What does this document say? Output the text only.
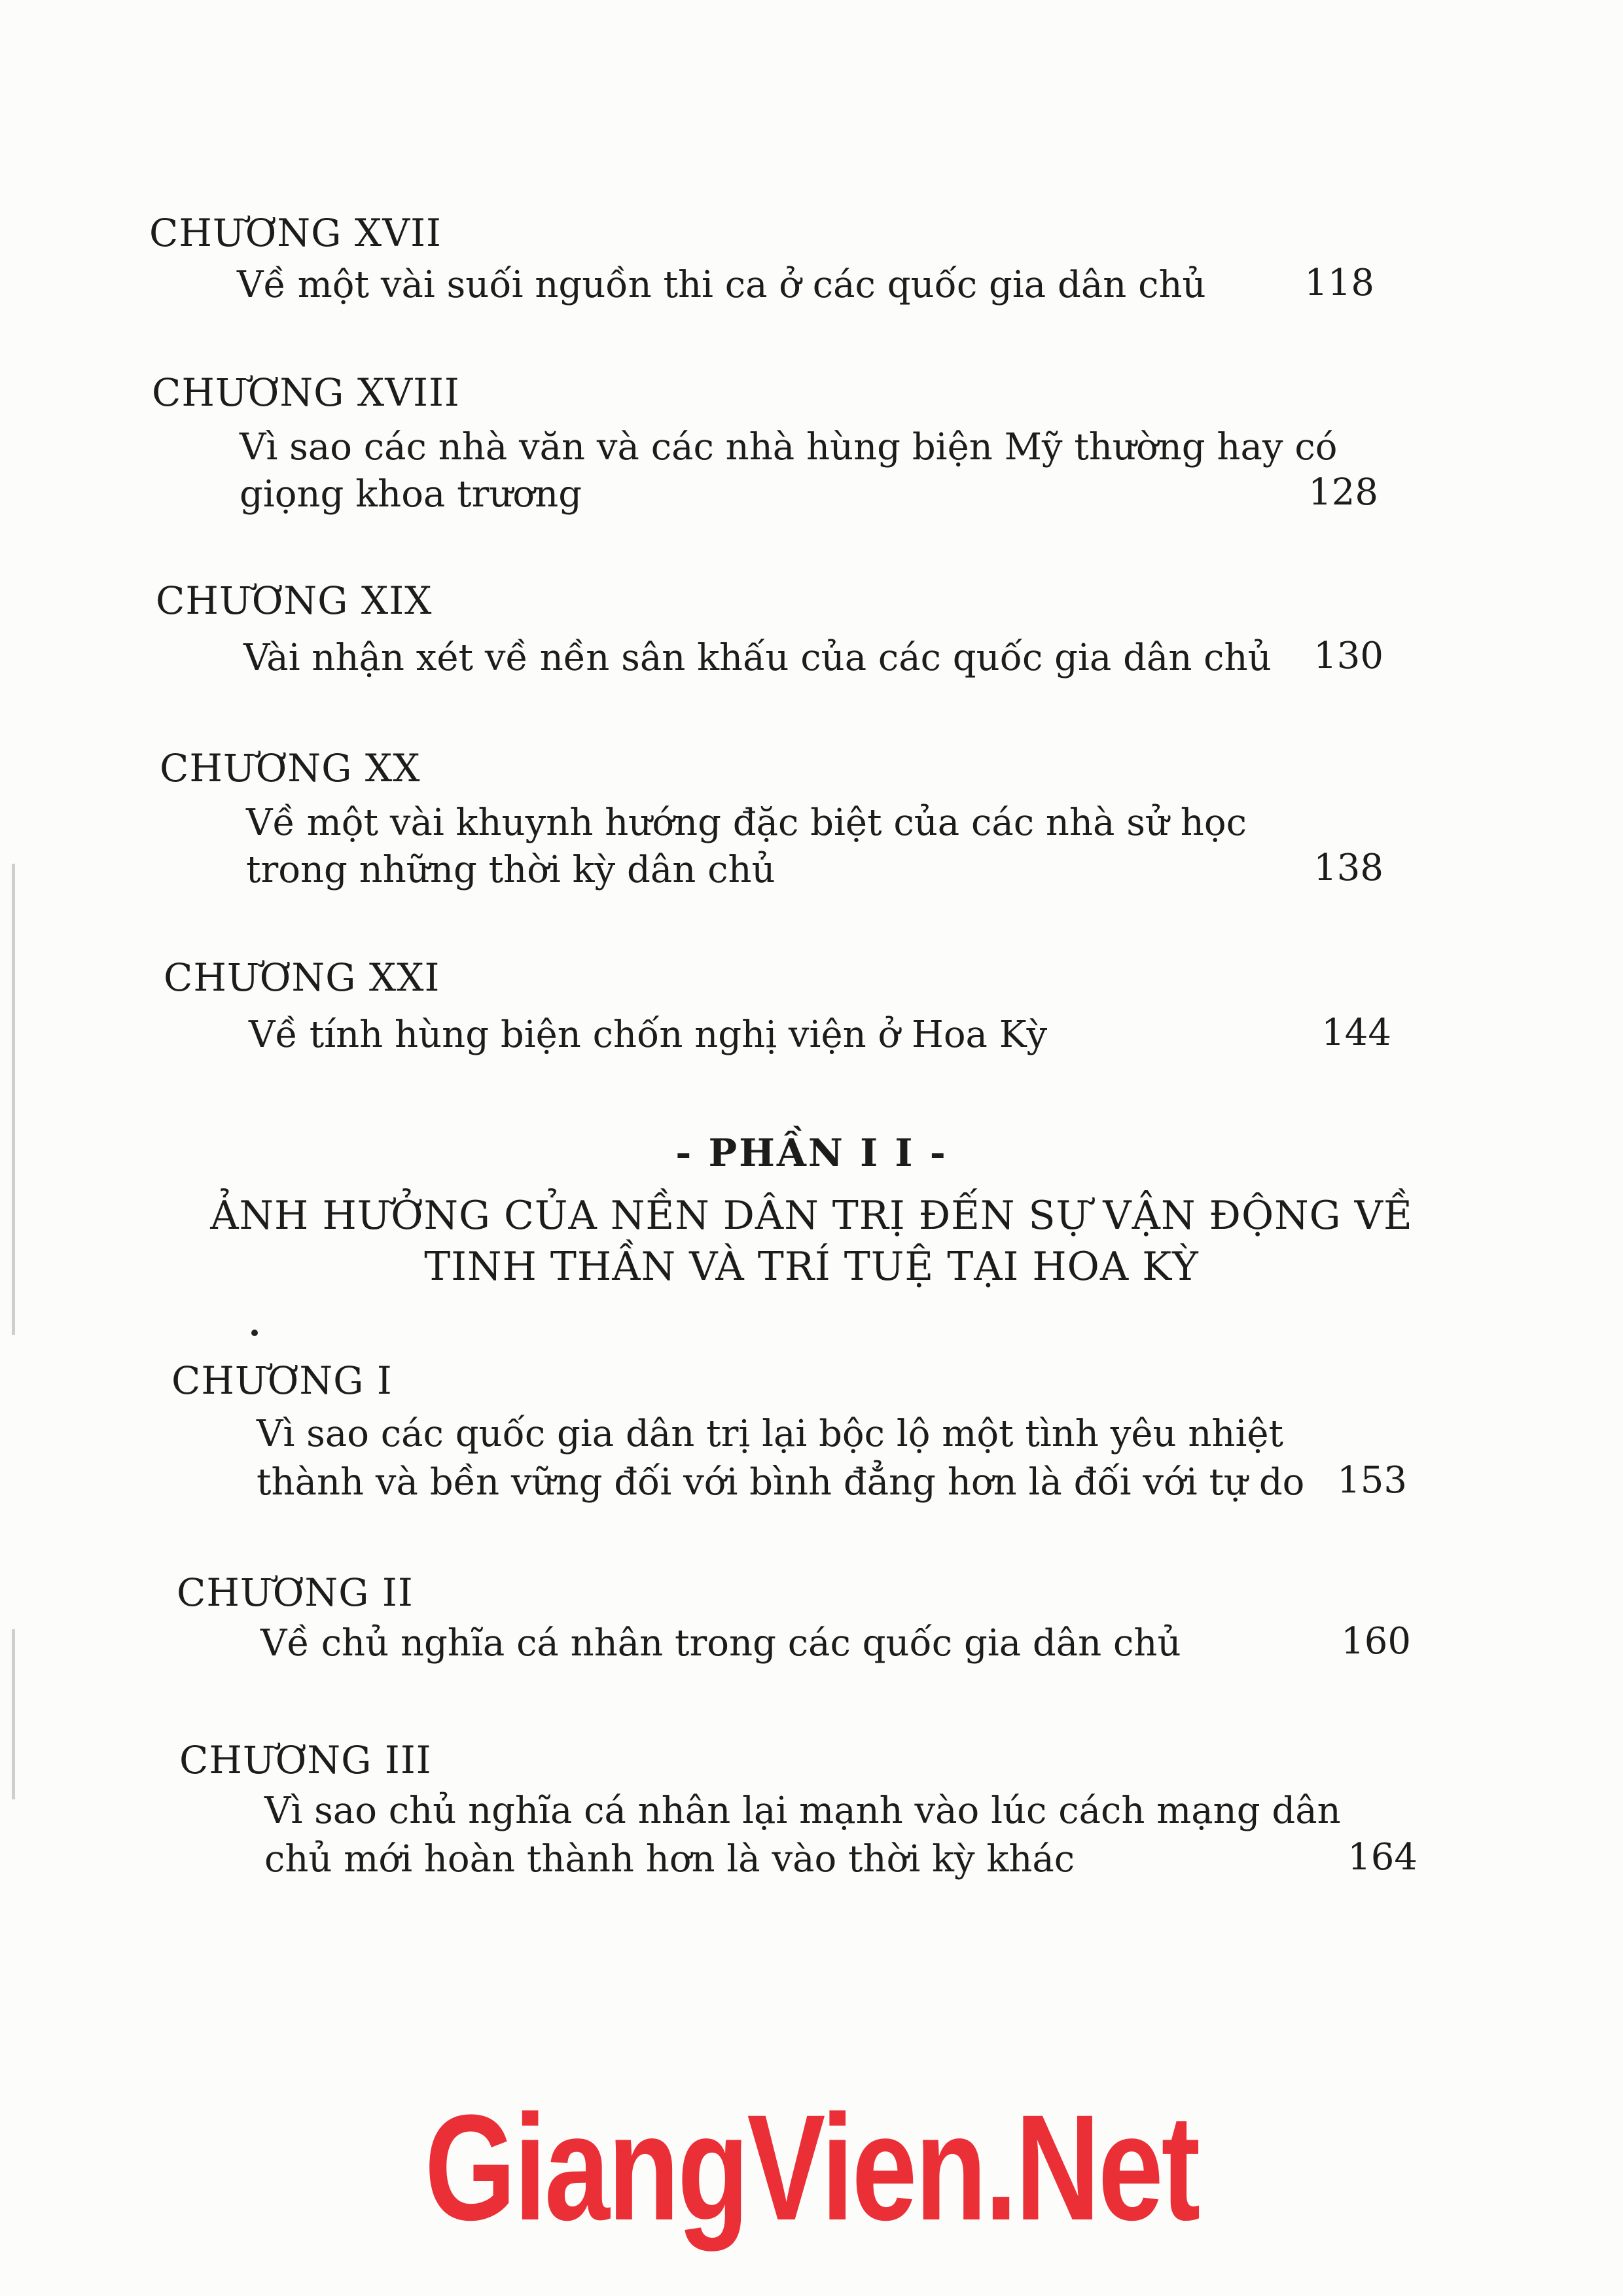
CHƯƠNG XVII
Về một vài suối nguồn thi ca ở các quốc gia dân chủ	118
CHƯƠNG XVIII
Vì sao các nhà văn và các nhà hùng biện Mỹ thường hay có
giọng khoa trương	128
CHƯƠNG XIX
Vài nhận xét về nền sân khấu của các quốc gia dân chủ	130
CHƯƠNG XX
Về một vài khuynh hướng đặc biệt của các nhà sử học
trong những thời kỳ dân chủ	138
CHƯƠNG XXI
Về tính hùng biện chốn nghị viện ở Hoa Kỳ	144
- PHẦN I I -
ẢNH HƯỞNG CỦA NỀN DÂN TRỊ ĐẾN SỰ VẬN ĐỘNG VỀ
TINH THẦN VÀ TRÍ TUỆ TẠI HOA KỲ
CHƯƠNG I
Vì sao các quốc gia dân trị lại bộc lộ một tình yêu nhiệt
thành và bền vững đối với bình đẳng hơn là đối với tự do 153
CHƯƠNG II
Về chủ nghĩa cá nhân trong các quốc gia dân chủ	160
CHƯƠNG III
Vì sao chủ nghĩa cá nhân lại mạnh vào lúc cách mạng dân
chủ mới hoàn thành hơn là vào thời kỳ khác	164
GiangVien.Net
